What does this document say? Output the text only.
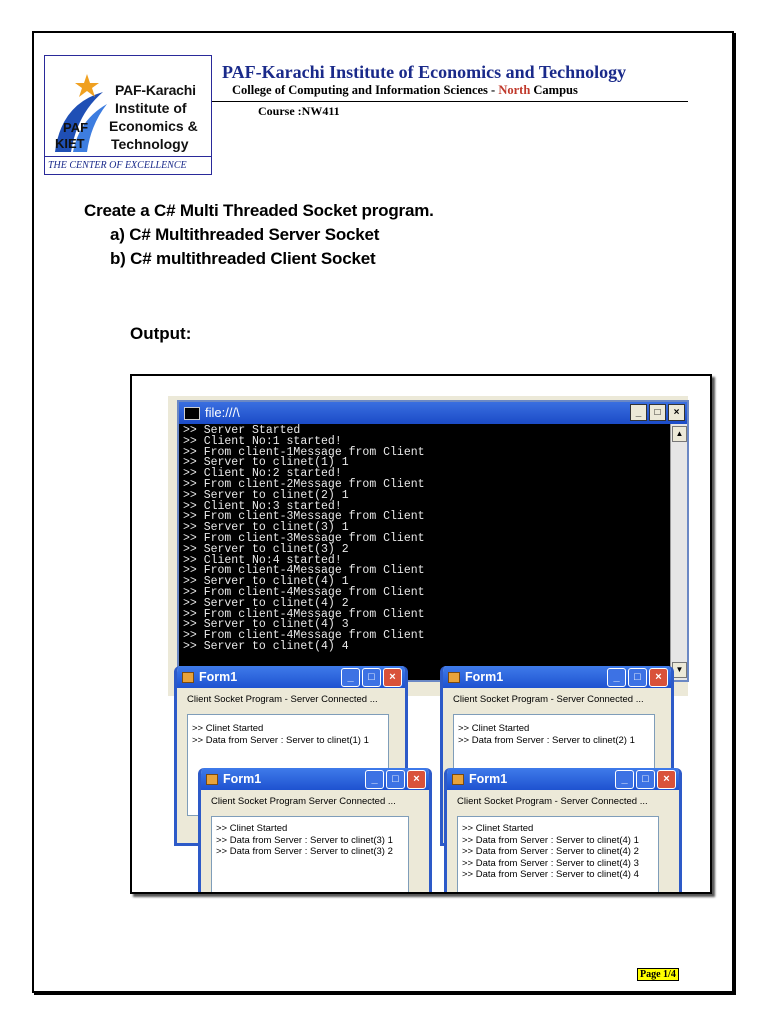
PAF-Karachi
Institute of
Economics &
Technology
PAF
KIET
THE CENTER OF EXCELLENCE
PAF-Karachi Institute of Economics and Technology
College of Computing and Information Sciences - North Campus
Course :NW411
Create a C# Multi Threaded Socket program.
a) C# Multithreaded Server Socket
b) C# multithreaded Client Socket
Output:
file:///\	_	□	×
>> Server Started
>> Client No:1 started!
>> From client-1Message from Client
>> Server to clinet(1) 1
>> Client No:2 started!
>> From client-2Message from Client
>> Server to clinet(2) 1
>> Client No:3 started!
>> From client-3Message from Client
>> Server to clinet(3) 1
>> From client-3Message from Client
>> Server to clinet(3) 2
>> Client No:4 started!
>> From client-4Message from Client
>> Server to clinet(4) 1
>> From client-4Message from Client
>> Server to clinet(4) 2
>> From client-4Message from Client
>> Server to clinet(4) 3
>> From client-4Message from Client
>> Server to clinet(4) 4
▲
▼
Form1	_	□	×
Client Socket Program - Server Connected ...
>> Clinet Started
>> Data from Server : Server to clinet(1) 1
Form1	_	□	×
Client Socket Program - Server Connected ...
>> Clinet Started
>> Data from Server : Server to clinet(2) 1
Form1	_	□	×
Client Socket Program Server Connected ...
>> Clinet Started
>> Data from Server : Server to clinet(3) 1
>> Data from Server : Server to clinet(3) 2
Form1	_	□	×
Client Socket Program - Server Connected ...
>> Clinet Started
>> Data from Server : Server to clinet(4) 1
>> Data from Server : Server to clinet(4) 2
>> Data from Server : Server to clinet(4) 3
>> Data from Server : Server to clinet(4) 4
Page 1/4
